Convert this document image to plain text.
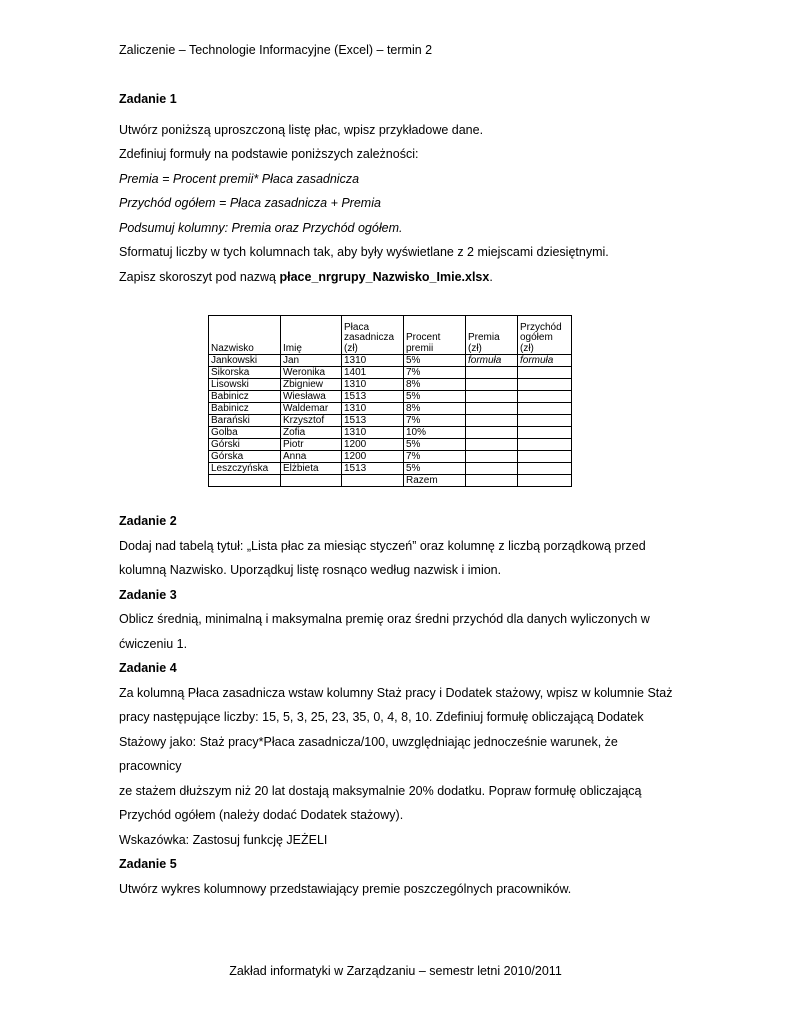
Zaliczenie – Technologie Informacyjne (Excel) – termin 2

Zadanie 1

Utwórz poniższą uproszczoną listę płac, wpisz przykładowe dane.

Zdefiniuj formuły na podstawie poniższych zależności:

Premia = Procent premii* Płaca zasadnicza

Przychód ogółem = Płaca zasadnicza + Premia

Podsumuj kolumny: Premia oraz Przychód ogółem.

Sformatuj liczby w tych kolumnach tak, aby były wyświetlane z 2 miejscami dziesiętnymi.

Zapisz skoroszyt pod nazwą płace_nrgrupy_Nazwisko_Imie.xlsx.

Nazwisko	Imię	Płaca zasadnicza (zł)	Procent premii	Premia (zł)	Przychód ogółem (zł)
Jankowski	Jan	1310	5%	formuła	formuła
Sikorska	Weronika	1401	7%		
Lisowski	Zbigniew	1310	8%		
Babinicz	Wiesława	1513	5%		
Babinicz	Waldemar	1310	8%		
Barański	Krzysztof	1513	7%		
Golba	Zofia	1310	10%		
Górski	Piotr	1200	5%		
Górska	Anna	1200	7%		
Leszczyńska	Elżbieta	1513	5%		
			Razem		

Zadanie 2

Dodaj nad tabelą tytuł: „Lista płac za miesiąc styczeń” oraz kolumnę z liczbą porządkową przed

kolumną Nazwisko. Uporządkuj listę rosnąco według nazwisk i imion.

Zadanie 3

Oblicz średnią, minimalną i maksymalna premię oraz średni przychód dla danych wyliczonych w

ćwiczeniu 1.

Zadanie 4

Za kolumną Płaca zasadnicza wstaw kolumny Staż pracy i Dodatek stażowy, wpisz w kolumnie Staż

pracy następujące liczby: 15, 5, 3, 25, 23, 35, 0, 4, 8, 10. Zdefiniuj formułę obliczającą Dodatek

Stażowy jako: Staż pracy*Płaca zasadnicza/100, uwzględniając jednocześnie warunek, że pracownicy

ze stażem dłuższym niż 20 lat dostają maksymalnie 20% dodatku. Popraw formułę obliczającą

Przychód ogółem (należy dodać Dodatek stażowy).

Wskazówka: Zastosuj funkcję JEŻELI

Zadanie 5

Utwórz wykres kolumnowy przedstawiający premie poszczególnych pracowników.

Zakład informatyki w Zarządzaniu – semestr letni 2010/2011
